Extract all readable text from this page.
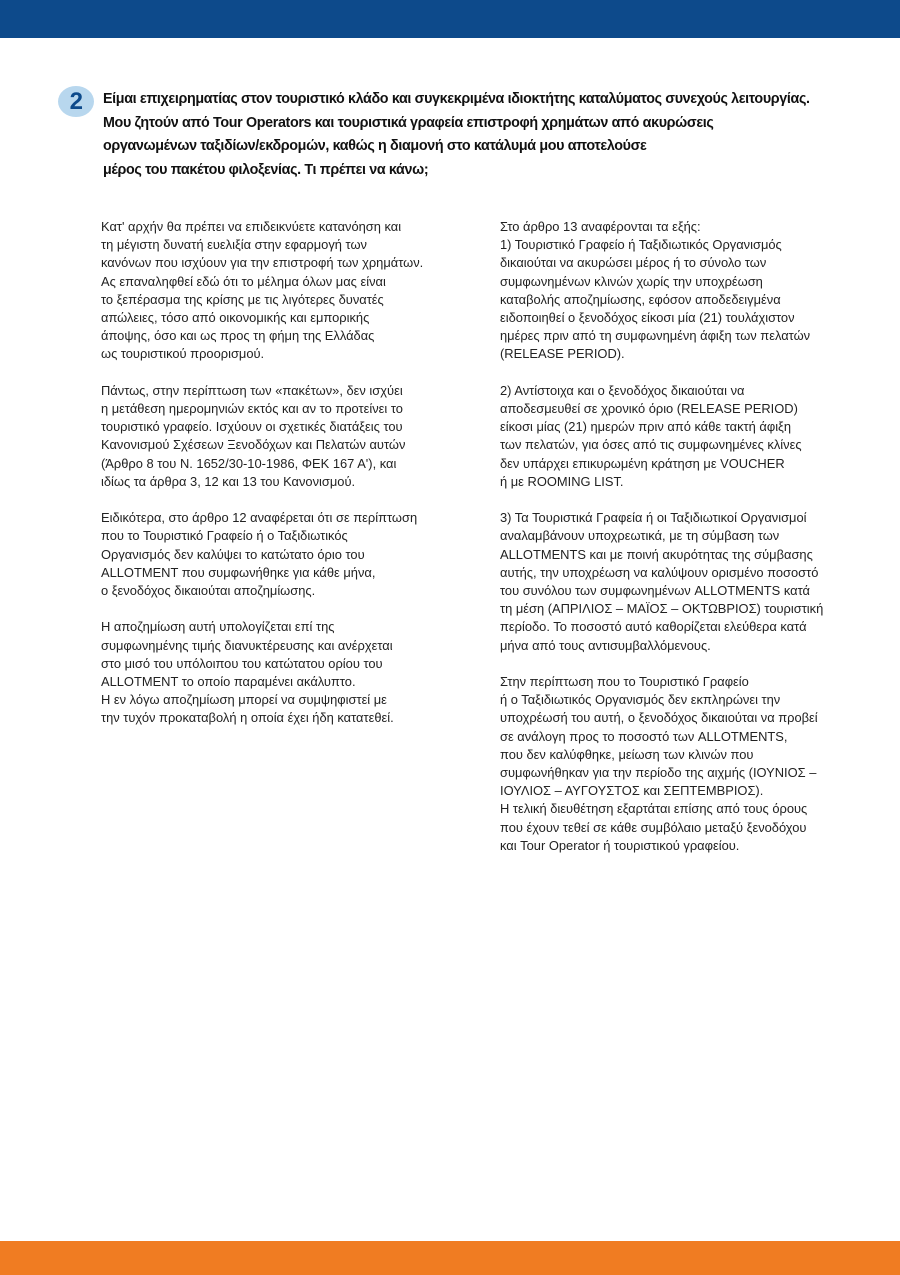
2	Είμαι επιχειρηματίας στον τουριστικό κλάδο και συγκεκριμένα ιδιοκτήτης καταλύματος συνεχούς λειτουργίας.
Μου ζητούν από Tour Operators και τουριστικά γραφεία επιστροφή χρημάτων από ακυρώσεις
οργανωμένων ταξιδίων/εκδρομών, καθώς η διαμονή στο κατάλυμά μου αποτελούσε
μέρος του πακέτου φιλοξενίας. Τι πρέπει να κάνω;

Κατ' αρχήν θα πρέπει να επιδεικνύετε κατανόηση και
τη μέγιστη δυνατή ευελιξία στην εφαρμογή των
κανόνων που ισχύουν για την επιστροφή των χρημάτων.
Ας επαναληφθεί εδώ ότι το μέλημα όλων μας είναι
το ξεπέρασμα της κρίσης με τις λιγότερες δυνατές
απώλειες, τόσο από οικονομικής και εμπορικής
άποψης, όσο και ως προς τη φήμη της Ελλάδας
ως τουριστικού προορισμού.

Πάντως, στην περίπτωση των «πακέτων», δεν ισχύει
η μετάθεση ημερομηνιών εκτός και αν το προτείνει το
τουριστικό γραφείο. Ισχύουν οι σχετικές διατάξεις του
Κανονισμού Σχέσεων Ξενοδόχων και Πελατών αυτών
(Άρθρο 8 του Ν. 1652/30-10-1986, ΦΕΚ 167 Α'), και
ιδίως τα άρθρα 3, 12 και 13 του Κανονισμού.

Ειδικότερα, στο άρθρο 12 αναφέρεται ότι σε περίπτωση
που το Τουριστικό Γραφείο ή ο Ταξιδιωτικός
Οργανισμός δεν καλύψει το κατώτατο όριο του
ALLOTMENT που συμφωνήθηκε για κάθε μήνα,
ο ξενοδόχος δικαιούται αποζημίωσης.

Η αποζημίωση αυτή υπολογίζεται επί της
συμφωνημένης τιμής διανυκτέρευσης και ανέρχεται
στο μισό του υπόλοιπου του κατώτατου ορίου του
ALLOTMENT το οποίο παραμένει ακάλυπτο.
Η εν λόγω αποζημίωση μπορεί να συμψηφιστεί με
την τυχόν προκαταβολή η οποία έχει ήδη κατατεθεί.

Στο άρθρο 13 αναφέρονται τα εξής:
1) Τουριστικό Γραφείο ή Ταξιδιωτικός Οργανισμός
δικαιούται να ακυρώσει μέρος ή το σύνολο των
συμφωνημένων κλινών χωρίς την υποχρέωση
καταβολής αποζημίωσης, εφόσον αποδεδειγμένα
ειδοποιηθεί ο ξενοδόχος είκοσι μία (21) τουλάχιστον
ημέρες πριν από τη συμφωνημένη άφιξη των πελατών
(RELEASE PERIOD).

2) Αντίστοιχα και ο ξενοδόχος δικαιούται να
αποδεσμευθεί σε χρονικό όριο (RELEASE PERIOD)
είκοσι μίας (21) ημερών πριν από κάθε τακτή άφιξη
των πελατών, για όσες από τις συμφωνημένες κλίνες
δεν υπάρχει επικυρωμένη κράτηση με VOUCHER
ή με ROOMING LIST.

3) Τα Τουριστικά Γραφεία ή οι Ταξιδιωτικοί Οργανισμοί
αναλαμβάνουν υποχρεωτικά, με τη σύμβαση των
ALLOTMENTS και με ποινή ακυρότητας της σύμβασης
αυτής, την υποχρέωση να καλύψουν ορισμένο ποσοστό
του συνόλου των συμφωνημένων ALLOTMENTS κατά
τη μέση (ΑΠΡΙΛΙΟΣ – ΜΑΪΟΣ – ΟΚΤΩΒΡΙΟΣ) τουριστική
περίοδο. Το ποσοστό αυτό καθορίζεται ελεύθερα κατά
μήνα από τους αντισυμβαλλόμενους.

Στην περίπτωση που το Τουριστικό Γραφείο
ή ο Ταξιδιωτικός Οργανισμός δεν εκπληρώνει την
υποχρέωσή του αυτή, ο ξενοδόχος δικαιούται να προβεί
σε ανάλογη προς το ποσοστό των ALLOTMENTS,
που δεν καλύφθηκε, μείωση των κλινών που
συμφωνήθηκαν για την περίοδο της αιχμής (ΙΟΥΝΙΟΣ –
ΙΟΥΛΙΟΣ – ΑΥΓΟΥΣΤΟΣ και ΣΕΠΤΕΜΒΡΙΟΣ).
Η τελική διευθέτηση εξαρτάται επίσης από τους όρους
που έχουν τεθεί σε κάθε συμβόλαιο μεταξύ ξενοδόχου
και Tour Operator ή τουριστικού γραφείου.
